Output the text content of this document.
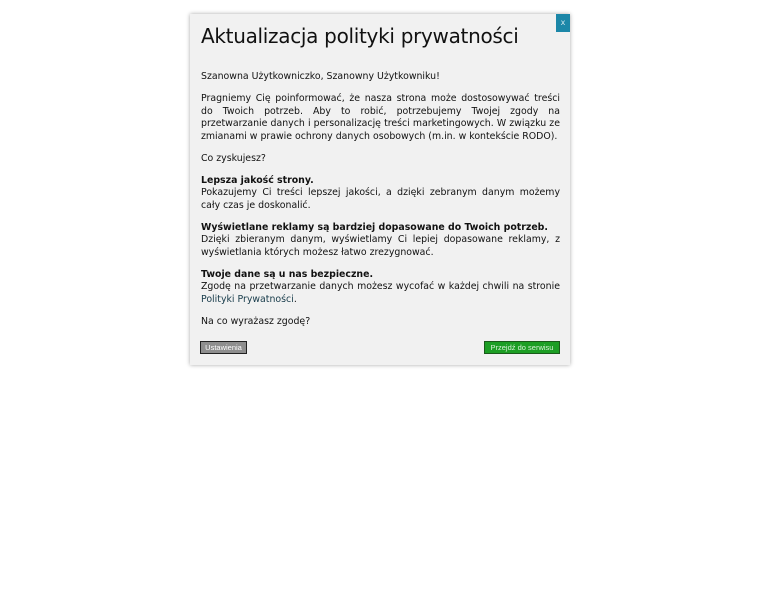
x
Aktualizacja polityki prywatności

Szanowna Użytkowniczko, Szanowny Użytkowniku!

Pragniemy Cię poinformować, że nasza strona może dostosowywać treści do Twoich potrzeb. Aby to robić, potrzebujemy Twojej zgody na przetwarzanie danych i personalizację treści marketingowych. W związku ze zmianami w prawie ochrony danych osobowych (m.in. w kontekście RODO).

Co zyskujesz?

Lepsza jakość strony.
Pokazujemy Ci treści lepszej jakości, a dzięki zebranym danym możemy cały czas je doskonalić.

Wyświetlane reklamy są bardziej dopasowane do Twoich potrzeb.
Dzięki zbieranym danym, wyświetlamy Ci lepiej dopasowane reklamy, z wyświetlania których możesz łatwo zrezygnować.

Twoje dane są u nas bezpieczne.
Zgodę na przetwarzanie danych możesz wycofać w każdej chwili na stronie Polityki Prywatności.

Na co wyrażasz zgodę?

Ustawienia	Przejdź do serwisu
